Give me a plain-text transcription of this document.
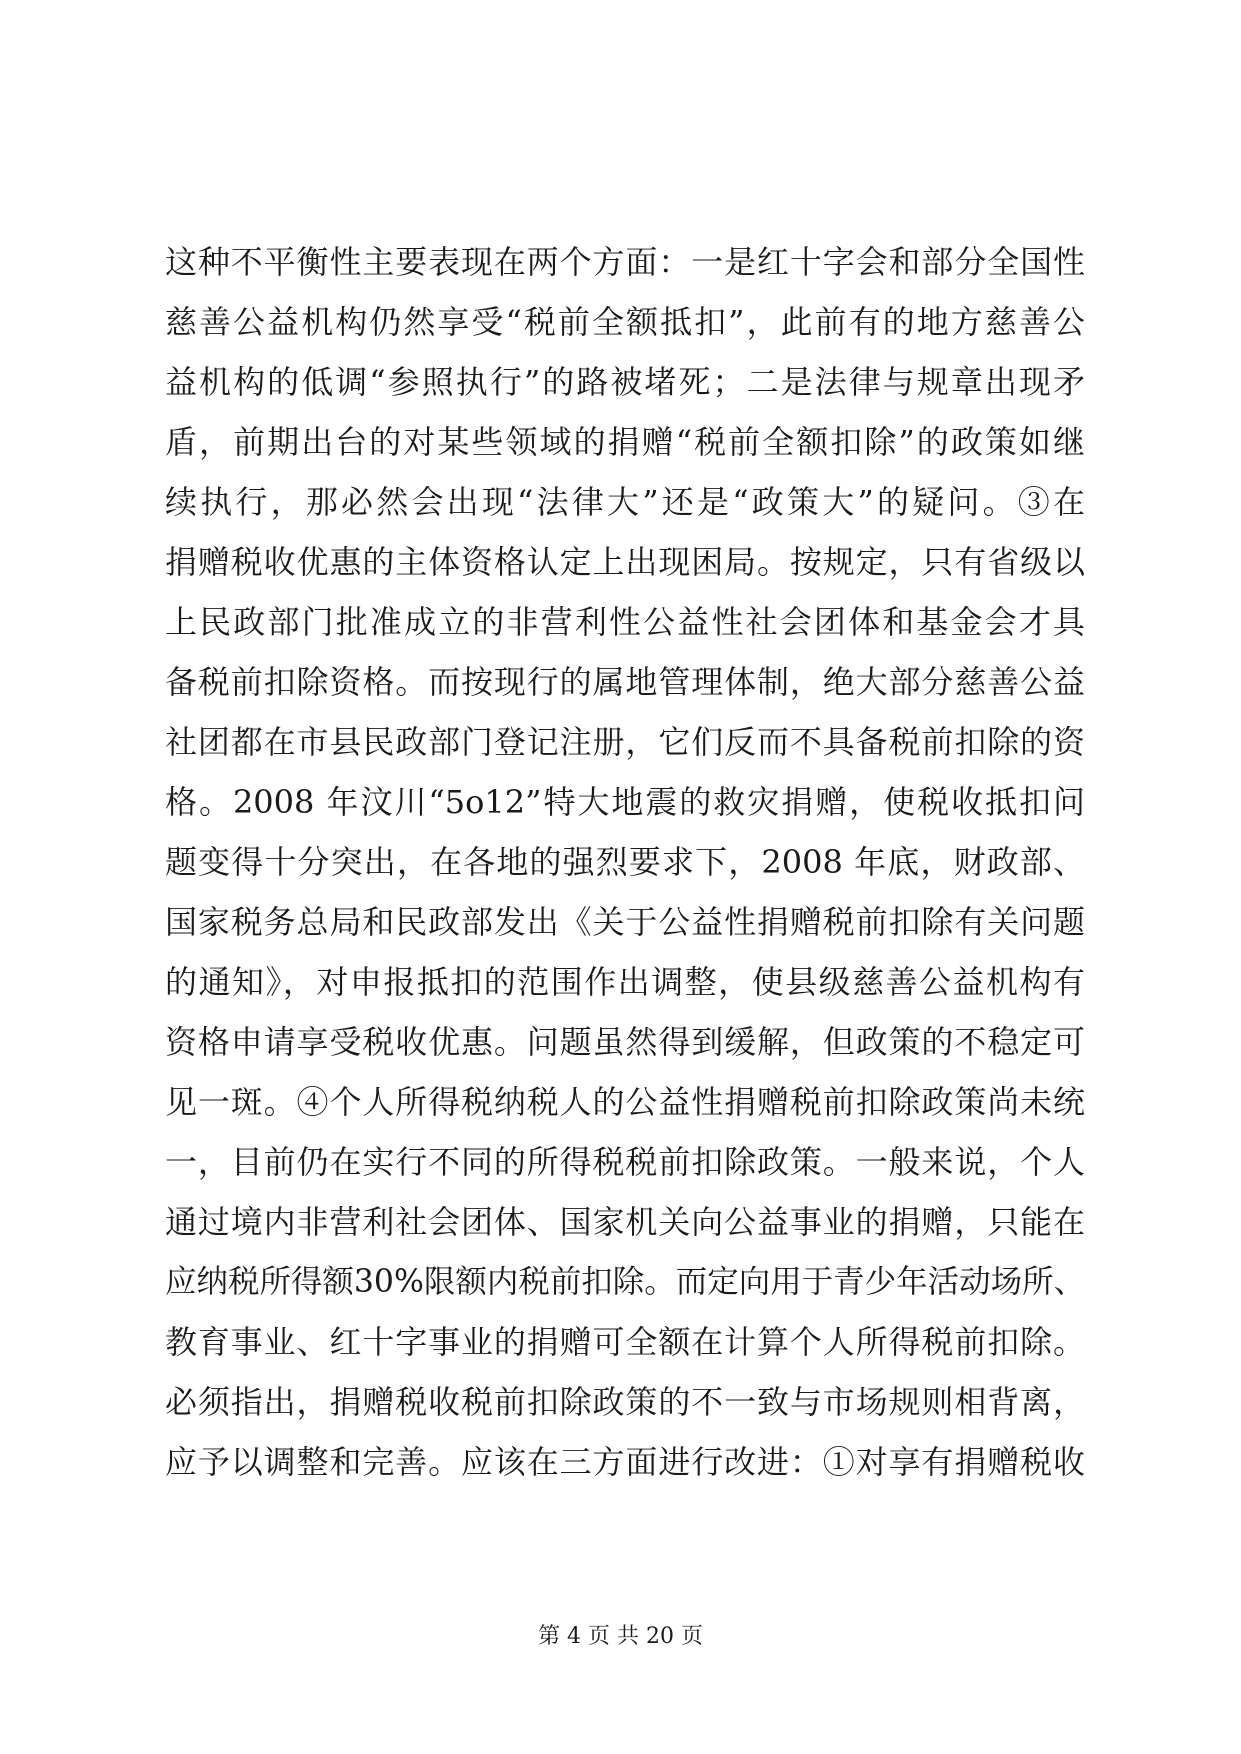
这种不平衡性主要表现在两个方面：一是红十字会和部分全国性
慈善公益机构仍然享受“税前全额抵扣”，此前有的地方慈善公
益机构的低调“参照执行”的路被堵死；二是法律与规章出现矛
盾，前期出台的对某些领域的捐赠“税前全额扣除”的政策如继
续执行，那必然会出现“法律大”还是“政策大”的疑问。③在
捐赠税收优惠的主体资格认定上出现困局。按规定，只有省级以
上民政部门批准成立的非营利性公益性社会团体和基金会才具
备税前扣除资格。而按现行的属地管理体制，绝大部分慈善公益
社团都在市县民政部门登记注册，它们反而不具备税前扣除的资
格。2008 年汶川“5o12”特大地震的救灾捐赠，使税收抵扣问
题变得十分突出，在各地的强烈要求下，2008 年底，财政部、
国家税务总局和民政部发出《关于公益性捐赠税前扣除有关问题
的通知》，对申报抵扣的范围作出调整，使县级慈善公益机构有
资格申请享受税收优惠。问题虽然得到缓解，但政策的不稳定可
见一斑。④个人所得税纳税人的公益性捐赠税前扣除政策尚未统
一，目前仍在实行不同的所得税税前扣除政策。一般来说，个人
通过境内非营利社会团体、国家机关向公益事业的捐赠，只能在
应纳税所得额30%限额内税前扣除。而定向用于青少年活动场所、
教育事业、红十字事业的捐赠可全额在计算个人所得税前扣除。
必须指出，捐赠税收税前扣除政策的不一致与市场规则相背离，
应予以调整和完善。应该在三方面进行改进：①对享有捐赠税收
第 4 页 共 20 页
